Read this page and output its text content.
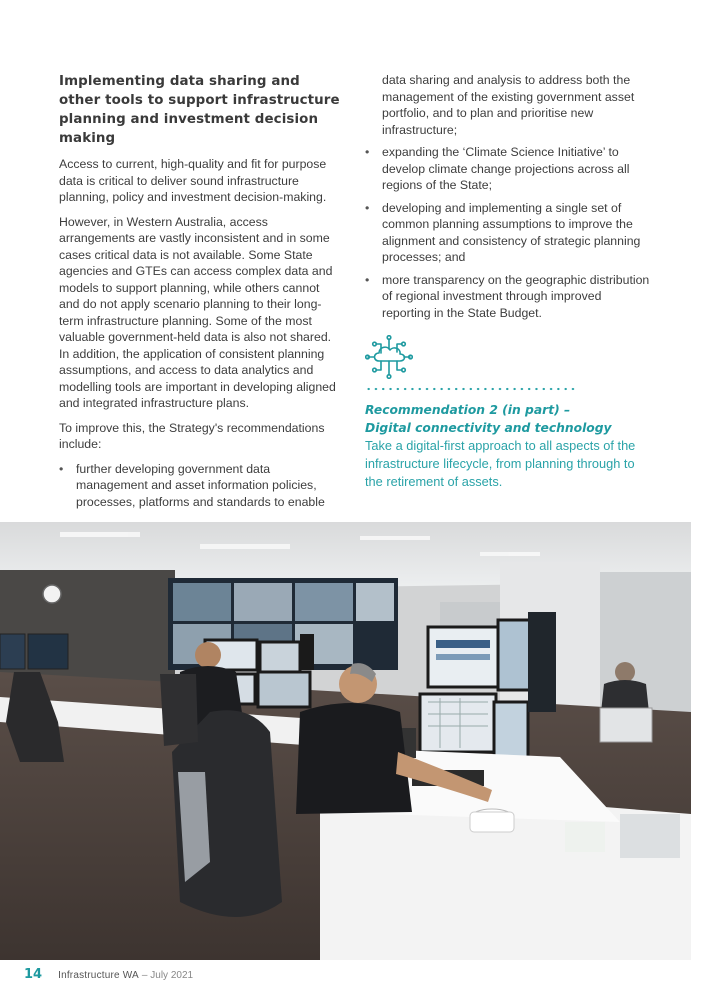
Implementing data sharing and other tools to support infrastructure planning and investment decision making

Access to current, high-quality and fit for purpose data is critical to deliver sound infrastructure planning, policy and investment decision-making.

However, in Western Australia, access arrangements are vastly inconsistent and in some cases critical data is not available. Some State agencies and GTEs can access complex data and models to support planning, while others cannot and do not apply scenario planning to their long-term infrastructure planning. Some of the most valuable government-held data is also not shared. In addition, the application of consistent planning assumptions, and access to data analytics and modelling tools are important in developing aligned and integrated infrastructure plans.

To improve this, the Strategy's recommendations include:

•	further developing government data management and asset information policies, processes, platforms and standards to enable
data sharing and analysis to address both the management of the existing government asset portfolio, and to plan and prioritise new infrastructure;
•	expanding the ‘Climate Science Initiative’ to develop climate change projections across all regions of the State;
•	developing and implementing a single set of common planning assumptions to improve the alignment and consistency of strategic planning processes; and
•	more transparency on the geographic distribution of regional investment through improved reporting in the State Budget.
Recommendation 2 (in part) –
Digital connectivity and technology
Take a digital-first approach to all aspects of the infrastructure lifecycle, from planning through to the retirement of assets.
14 Infrastructure WA – July 2021
